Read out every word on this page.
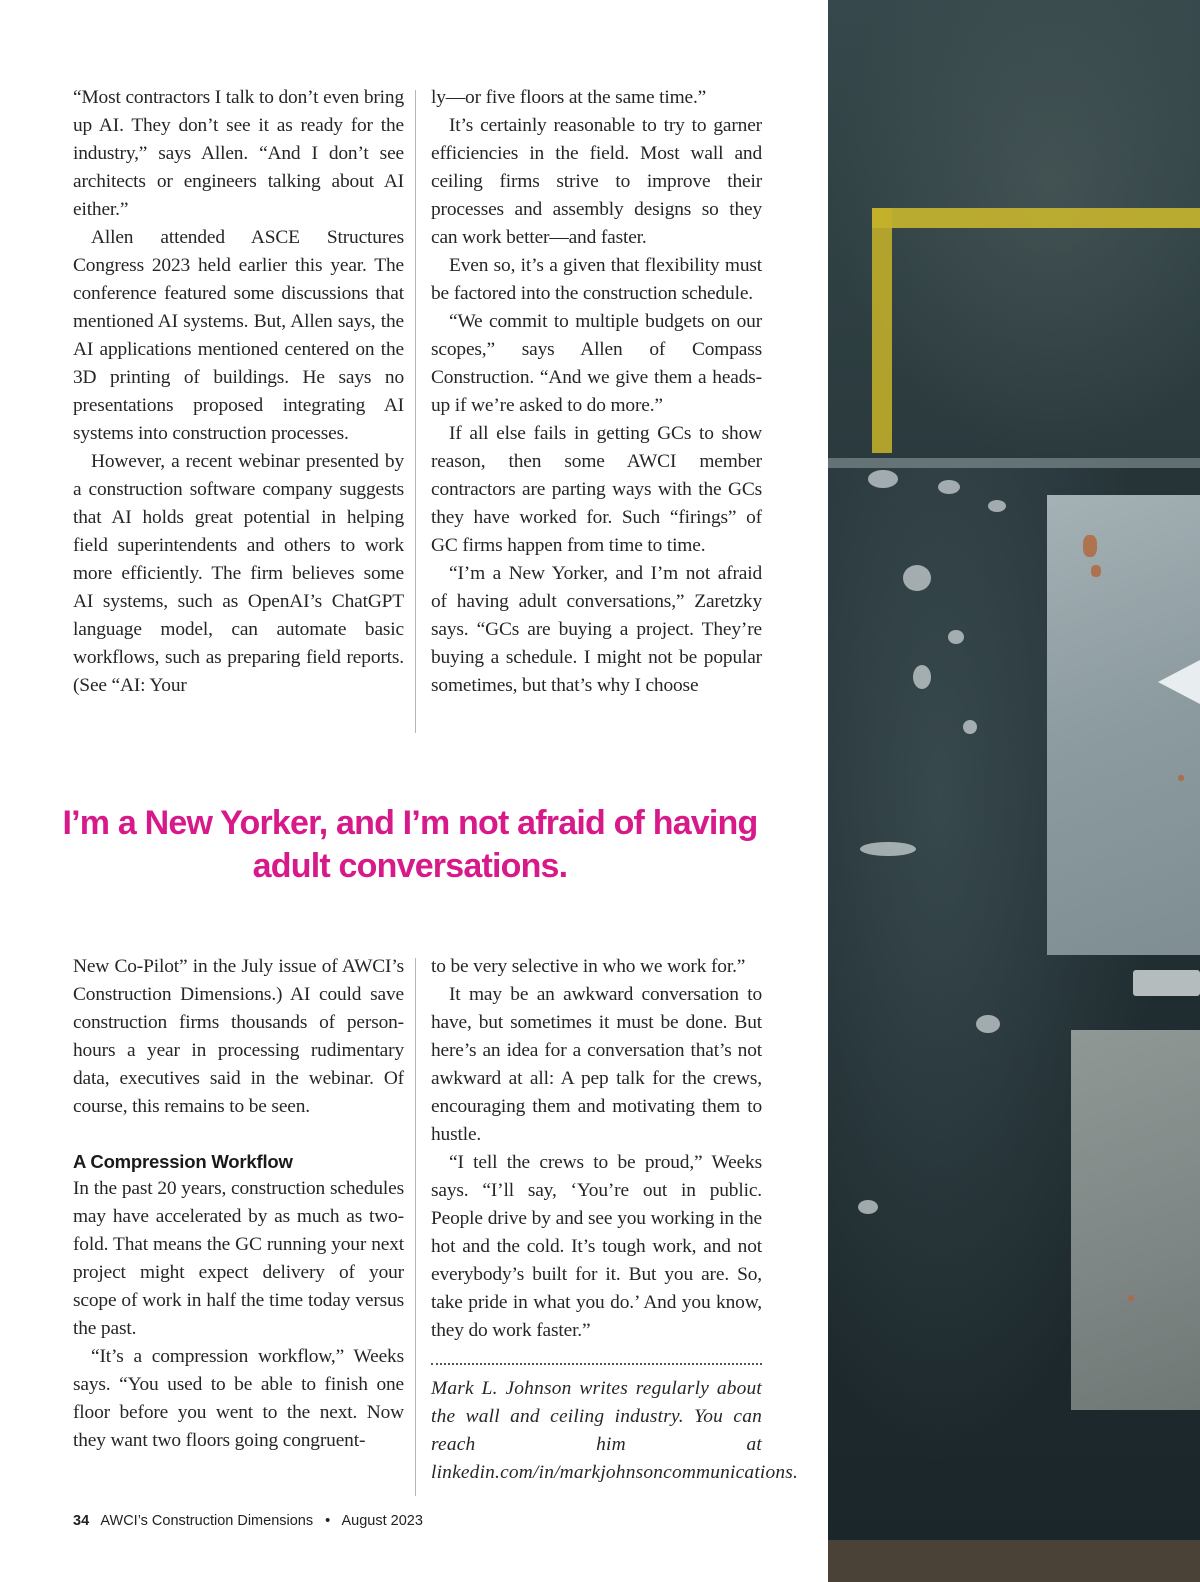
“Most contractors I talk to don’t even bring up AI. They don’t see it as ready for the industry,” says Allen. “And I don’t see architects or engineers talking about AI either.”

Allen attended ASCE Structures Congress 2023 held earlier this year. The conference featured some discussions that mentioned AI systems. But, Allen says, the AI applications mentioned centered on the 3D printing of buildings. He says no presentations proposed integrating AI systems into construction processes.

However, a recent webinar presented by a construction software company suggests that AI holds great potential in helping field superintendents and others to work more efficiently. The firm believes some AI systems, such as OpenAI’s ChatGPT language model, can automate basic workflows, such as preparing field reports. (See “AI: Your

ly—or five floors at the same time.”

It’s certainly reasonable to try to garner efficiencies in the field. Most wall and ceiling firms strive to improve their processes and assembly designs so they can work better—and faster.

Even so, it’s a given that flexibility must be factored into the construction schedule.

“We commit to multiple budgets on our scopes,” says Allen of Compass Construction. “And we give them a heads-up if we’re asked to do more.”

If all else fails in getting GCs to show reason, then some AWCI member contractors are parting ways with the GCs they have worked for. Such “firings” of GC firms happen from time to time.

“I’m a New Yorker, and I’m not afraid of having adult conversations,” Zaretzky says. “GCs are buying a project. They’re buying a schedule. I might not be popular sometimes, but that’s why I choose

I’m a New Yorker, and I’m not afraid of having adult conversations.

New Co-Pilot” in the July issue of AWCI’s Construction Dimensions.) AI could save construction firms thousands of person-hours a year in processing rudimentary data, executives said in the webinar. Of course, this remains to be seen.

A Compression Workflow

In the past 20 years, construction schedules may have accelerated by as much as two-fold. That means the GC running your next project might expect delivery of your scope of work in half the time today versus the past.

“It’s a compression workflow,” Weeks says. “You used to be able to finish one floor before you went to the next. Now they want two floors going congruent-

to be very selective in who we work for.”

It may be an awkward conversation to have, but sometimes it must be done. But here’s an idea for a conversation that’s not awkward at all: A pep talk for the crews, encouraging them and motivating them to hustle.

“I tell the crews to be proud,” Weeks says. “I’ll say, ‘You’re out in public. People drive by and see you working in the hot and the cold. It’s tough work, and not everybody’s built for it. But you are. So, take pride in what you do.’ And you know, they do work faster.”

Mark L. Johnson writes regularly about the wall and ceiling industry. You can reach him at linkedin.com/in/markjohnsoncommunications.

34 AWCI’s Construction Dimensions • August 2023
